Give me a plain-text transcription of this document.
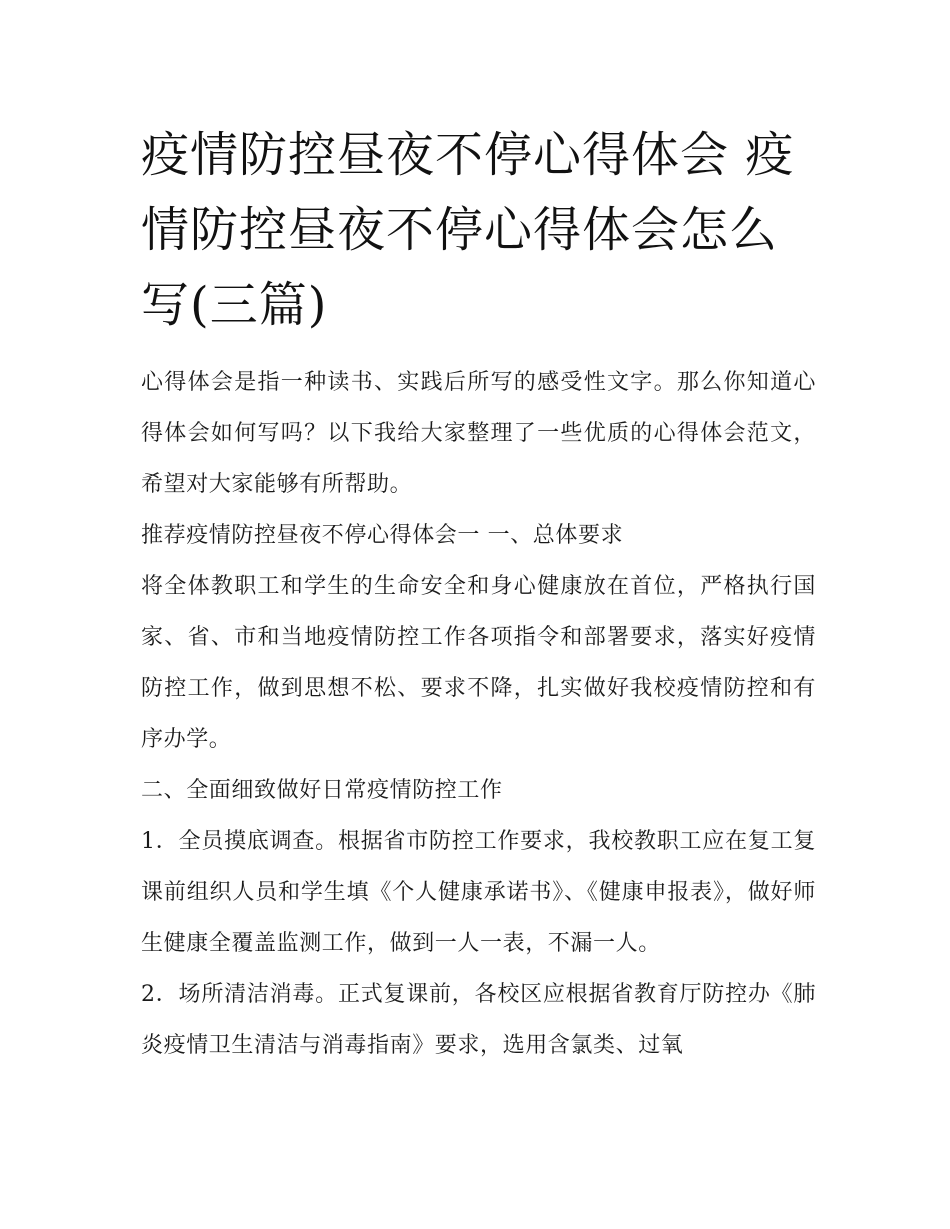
疫情防控昼夜不停心得体会 疫情防控昼夜不停心得体会怎么写(三篇)

心得体会是指一种读书、实践后所写的感受性文字。那么你知道心得体会如何写吗？以下我给大家整理了一些优质的心得体会范文，希望对大家能够有所帮助。

推荐疫情防控昼夜不停心得体会一 一、总体要求

将全体教职工和学生的生命安全和身心健康放在首位，严格执行国家、省、市和当地疫情防控工作各项指令和部署要求，落实好疫情防控工作，做到思想不松、要求不降，扎实做好我校疫情防控和有序办学。

二、全面细致做好日常疫情防控工作

1．全员摸底调查。根据省市防控工作要求，我校教职工应在复工复课前组织人员和学生填《个人健康承诺书》、《健康申报表》，做好师生健康全覆盖监测工作，做到一人一表，不漏一人。

2．场所清洁消毒。正式复课前，各校区应根据省教育厅防控办《肺炎疫情卫生清洁与消毒指南》要求，选用含氯类、过氧
